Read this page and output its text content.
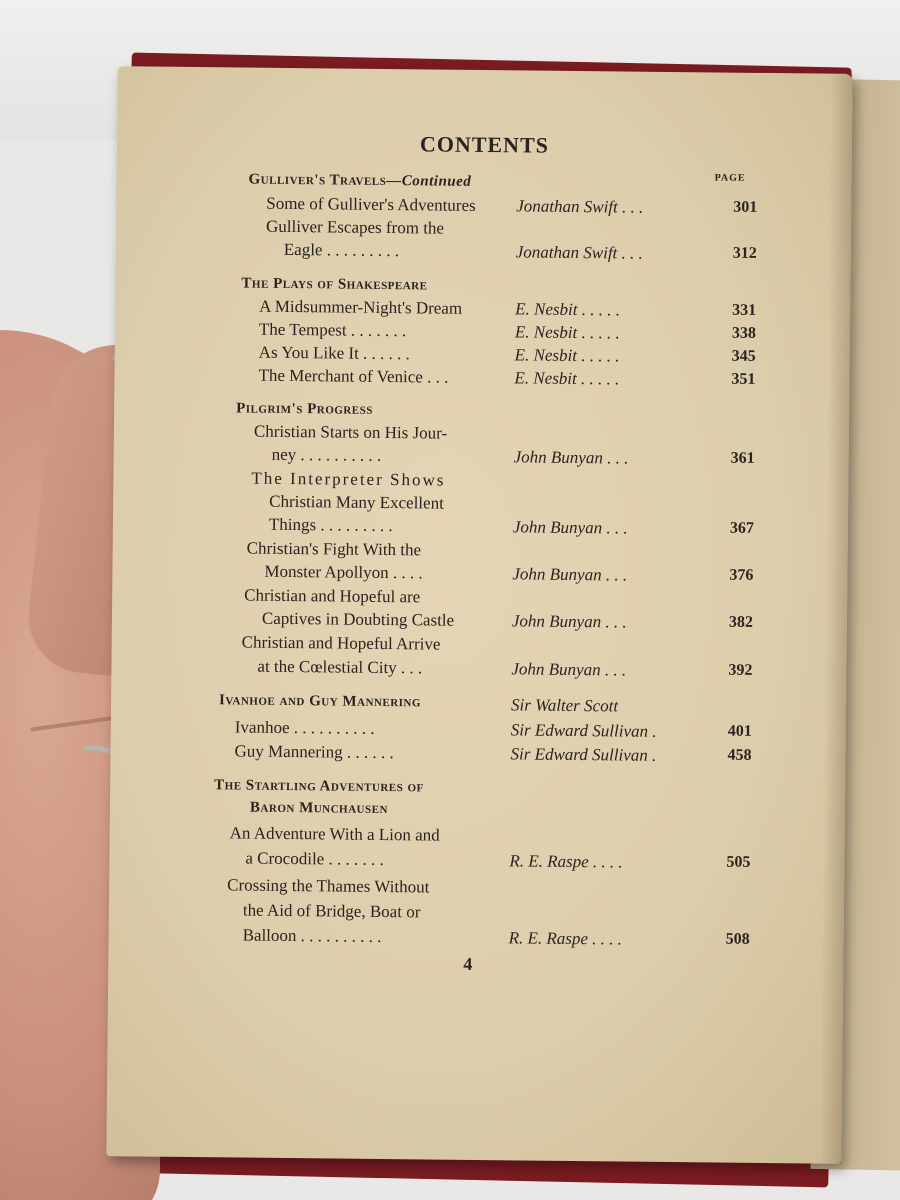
CONTENTS
PAGE
Gulliver's Travels—Continued
Some of Gulliver's Adventures Jonathan Swift . . .	301
Gulliver Escapes from the
Eagle . . . . . . . . .	Jonathan Swift . . .	312
The Plays of Shakespeare
A Midsummer-Night's Dream	E. Nesbit . . . . .	331
The Tempest . . . . . . .	E. Nesbit . . . . .	338
As You Like It . . . . . .	E. Nesbit . . . . .	345
The Merchant of Venice . . .	E. Nesbit . . . . .	351
Pilgrim's Progress
Christian Starts on His Jour-
ney . . . . . . . . . .	John Bunyan . . .	361
The Interpreter Shows
Christian Many Excellent
Things . . . . . . . . .	John Bunyan . . .	367
Christian's Fight With the
Monster Apollyon . . . .	John Bunyan . . .	376
Christian and Hopeful are
Captives in Doubting Castle	John Bunyan . . .	382
Christian and Hopeful Arrive
at the Cœlestial City . . .	John Bunyan . . .	392
Ivanhoe and Guy Mannering	Sir Walter Scott
Ivanhoe . . . . . . . . . .	Sir Edward Sullivan .	401
Guy Mannering . . . . . .	Sir Edward Sullivan .	458
The Startling Adventures of
Baron Munchausen
An Adventure With a Lion and
a Crocodile . . . . . . .	R. E. Raspe . . . .	505
Crossing the Thames Without
the Aid of Bridge, Boat or
Balloon . . . . . . . . . .	R. E. Raspe . . . .	508
4
